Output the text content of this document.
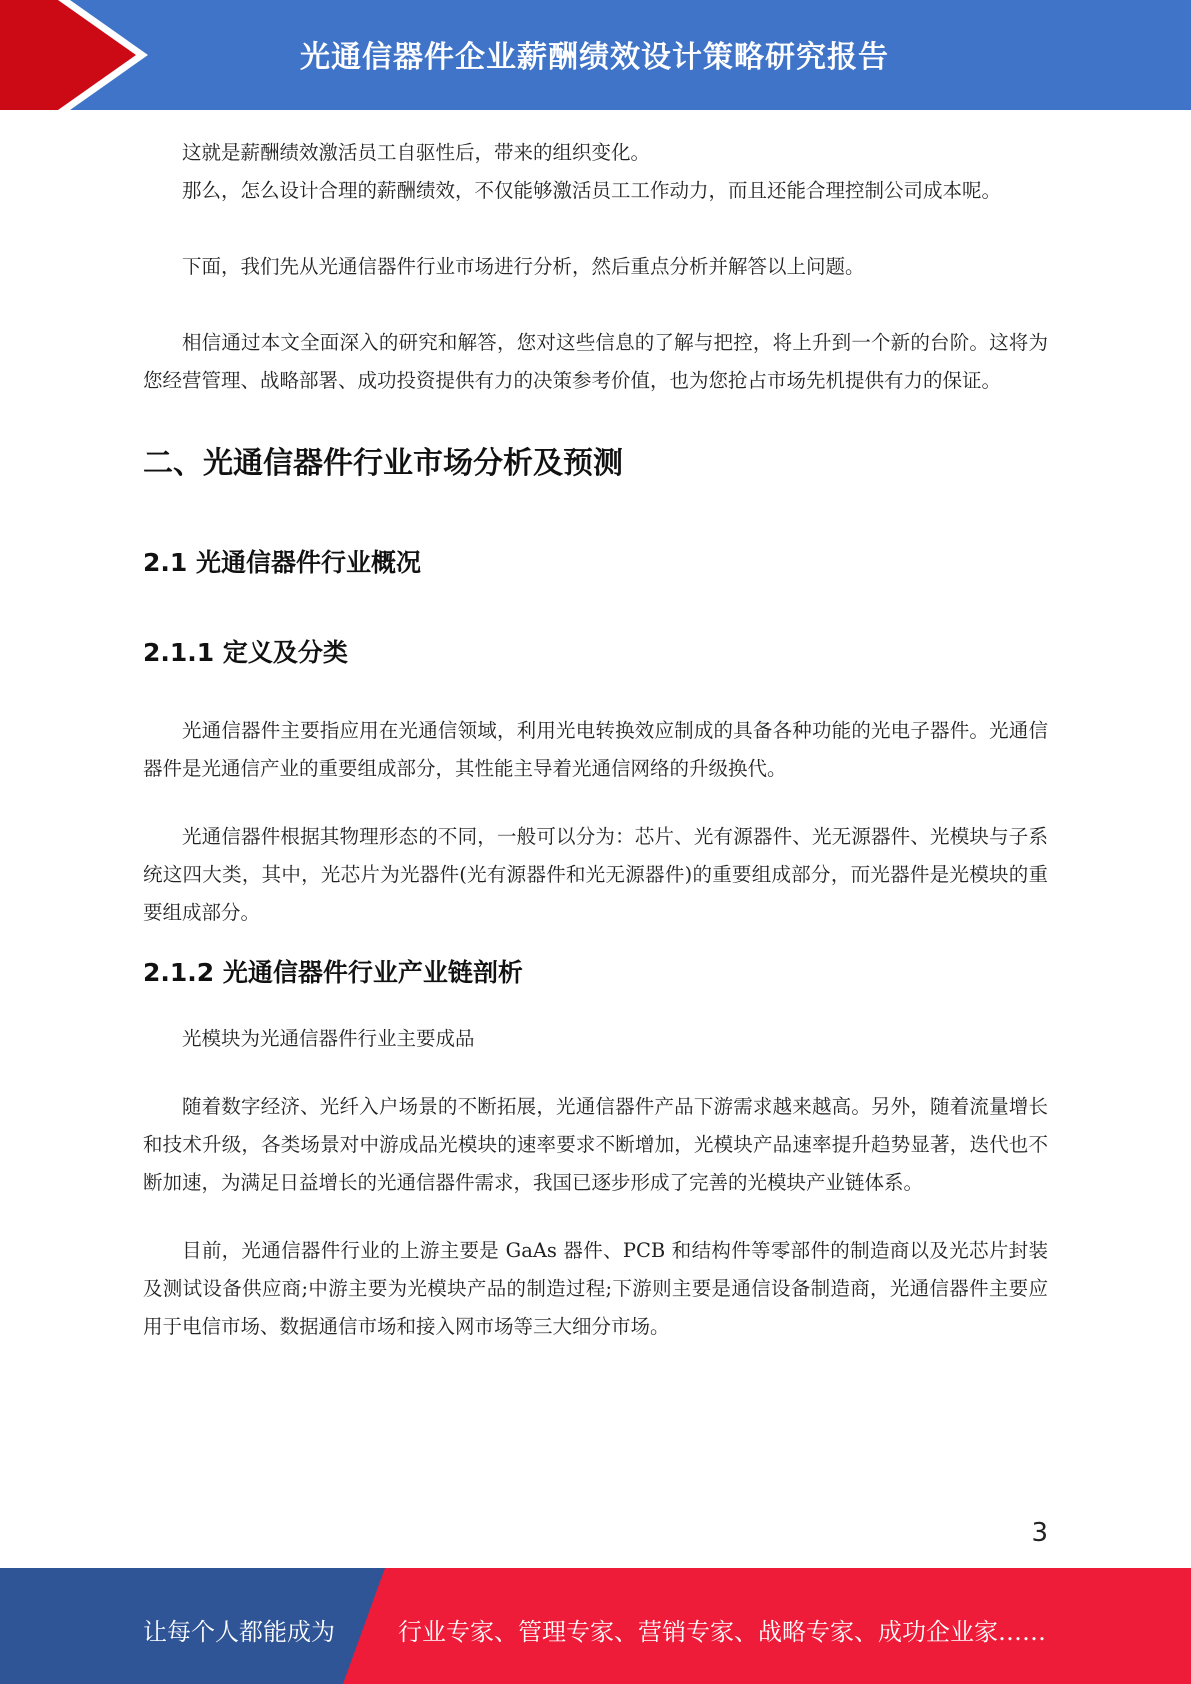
光通信器件企业薪酬绩效设计策略研究报告

这就是薪酬绩效激活员工自驱性后，带来的组织变化。

那么，怎么设计合理的薪酬绩效，不仅能够激活员工工作动力，而且还能合理控制公司成本呢。

下面，我们先从光通信器件行业市场进行分析，然后重点分析并解答以上问题。

相信通过本文全面深入的研究和解答，您对这些信息的了解与把控，将上升到一个新的台阶。这将为您经营管理、战略部署、成功投资提供有力的决策参考价值，也为您抢占市场先机提供有力的保证。

二、光通信器件行业市场分析及预测
2.1 光通信器件行业概况
2.1.1 定义及分类

光通信器件主要指应用在光通信领域，利用光电转换效应制成的具备各种功能的光电子器件。光通信器件是光通信产业的重要组成部分，其性能主导着光通信网络的升级换代。

光通信器件根据其物理形态的不同，一般可以分为：芯片、光有源器件、光无源器件、光模块与子系统这四大类，其中，光芯片为光器件(光有源器件和光无源器件)的重要组成部分，而光器件是光模块的重要组成部分。

2.1.2 光通信器件行业产业链剖析

光模块为光通信器件行业主要成品

随着数字经济、光纤入户场景的不断拓展，光通信器件产品下游需求越来越高。另外，随着流量增长和技术升级，各类场景对中游成品光模块的速率要求不断增加，光模块产品速率提升趋势显著，迭代也不断加速，为满足日益增长的光通信器件需求，我国已逐步形成了完善的光模块产业链体系。

目前，光通信器件行业的上游主要是 GaAs 器件、PCB 和结构件等零部件的制造商以及光芯片封装及测试设备供应商;中游主要为光模块产品的制造过程;下游则主要是通信设备制造商，光通信器件主要应用于电信市场、数据通信市场和接入网市场等三大细分市场。

3
让每个人都能成为	行业专家、管理专家、营销专家、战略专家、成功企业家……
